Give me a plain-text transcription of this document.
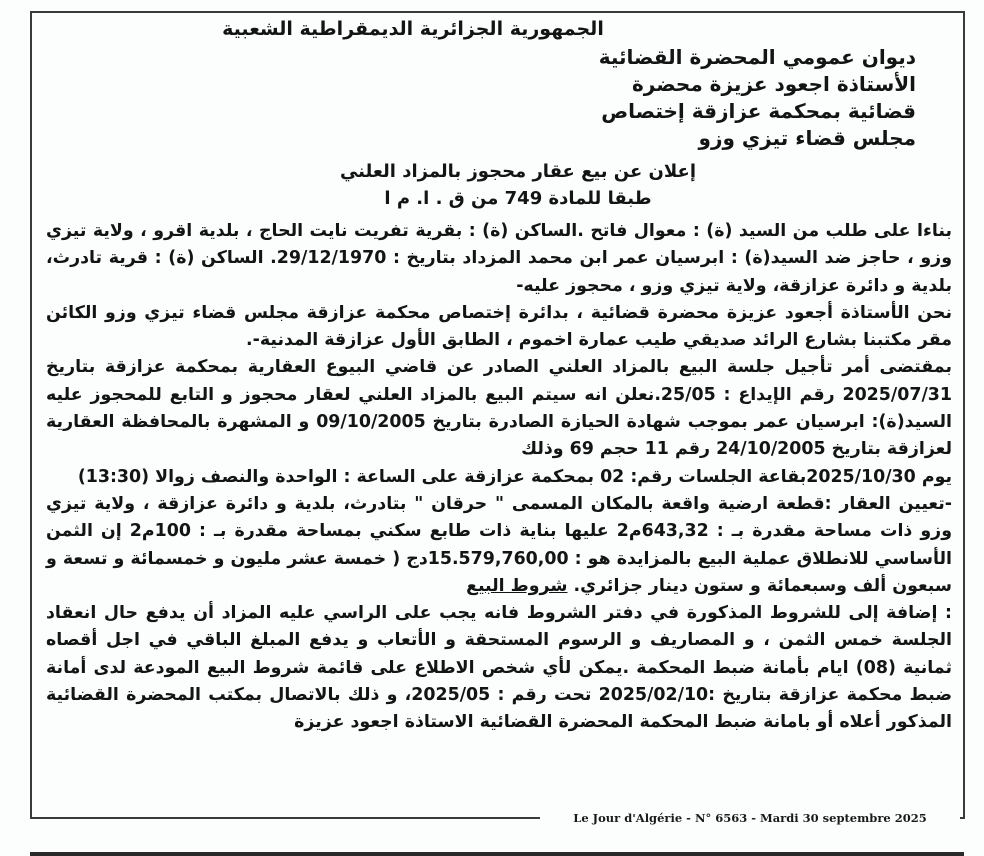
الجمهورية الجزائرية الديمقراطية الشعبية
ديوان عمومي المحضرة القضائية
الأستاذة اجعود عزيزة محضرة
قضائية بمحكمة عزازقة إختصاص
مجلس قضاء تيزي وزو
إعلان عن بيع عقار محجوز بالمزاد العلني
طبقا للمادة 749 من ق . ا. م ا

بناءا على طلب من السيد (ة) : معوال فاتح .الساكن (ة) : بقرية تفريت نايت الحاج ، بلدية اقرو ، ولاية تيزي وزو ، حاجز ضد السيد(ة) : ابرسيان عمر ابن محمد المزداد بتاريخ : 29/12/1970. الساكن (ة) : قرية تادرث، بلدية و دائرة عزازقة، ولاية تيزي وزو ، محجوز عليه-

نحن الأستاذة أجعود عزيزة محضرة قضائية ، بدائرة إختصاص محكمة عزازقة مجلس قضاء تيزي وزو الكائن مقر مكتبنا بشارع الرائد صديقي طيب عمارة اخموم ، الطابق الأول عزازقة المدنية-.

بمقتضى أمر تأجيل جلسة البيع بالمزاد العلني الصادر عن قاضي البيوع العقارية بمحكمة عزازقة بتاريخ 2025/07/31 رقم الإيداع : 25/05.نعلن انه سيتم البيع بالمزاد العلني لعقار محجوز و التابع للمحجوز عليه السيد(ة): ابرسيان عمر بموجب شهادة الحيازة الصادرة بتاريخ 09/10/2005 و المشهرة بالمحافظة العقارية لعزازقة بتاريخ 24/10/2005 رقم 11 حجم 69 وذلك

يوم 2025/10/30بقاعة الجلسات رقم: 02 بمحكمة عزازقة على الساعة : الواحدة والنصف زوالا (13:30)

-تعيين العقار :قطعة ارضية واقعة بالمكان المسمى " حرقان " بتادرث، بلدية و دائرة عزازقة ، ولاية تيزي وزو ذات مساحة مقدرة بـ : 643,32م2 عليها بناية ذات طابع سكني بمساحة مقدرة بـ : 100م2 إن الثمن الأساسي للانطلاق عملية البيع بالمزايدة هو : 15.579,760,00دج ( خمسة عشر مليون و خمسمائة و تسعة و سبعون ألف وسبعمائة و ستون دينار جزائري. شروط البيع

: إضافة إلى للشروط المذكورة في دفتر الشروط فانه يجب على الراسي عليه المزاد أن يدفع حال انعقاد الجلسة خمس الثمن ، و المصاريف و الرسوم المستحقة و الأتعاب و يدفع المبلغ الباقي في اجل أقصاه ثمانية (08) ايام بأمانة ضبط المحكمة .يمكن لأي شخص الاطلاع على قائمة شروط البيع المودعة لدى أمانة ضبط محكمة عزازقة بتاريخ :2025/02/10 تحت رقم : 2025/05، و ذلك بالاتصال بمكتب المحضرة القضائية المذكور أعلاه أو بامانة ضبط المحكمة المحضرة القضائية الاستاذة اجعود عزيزة

Le Jour d'Algérie - N° 6563 - Mardi 30 septembre 2025
